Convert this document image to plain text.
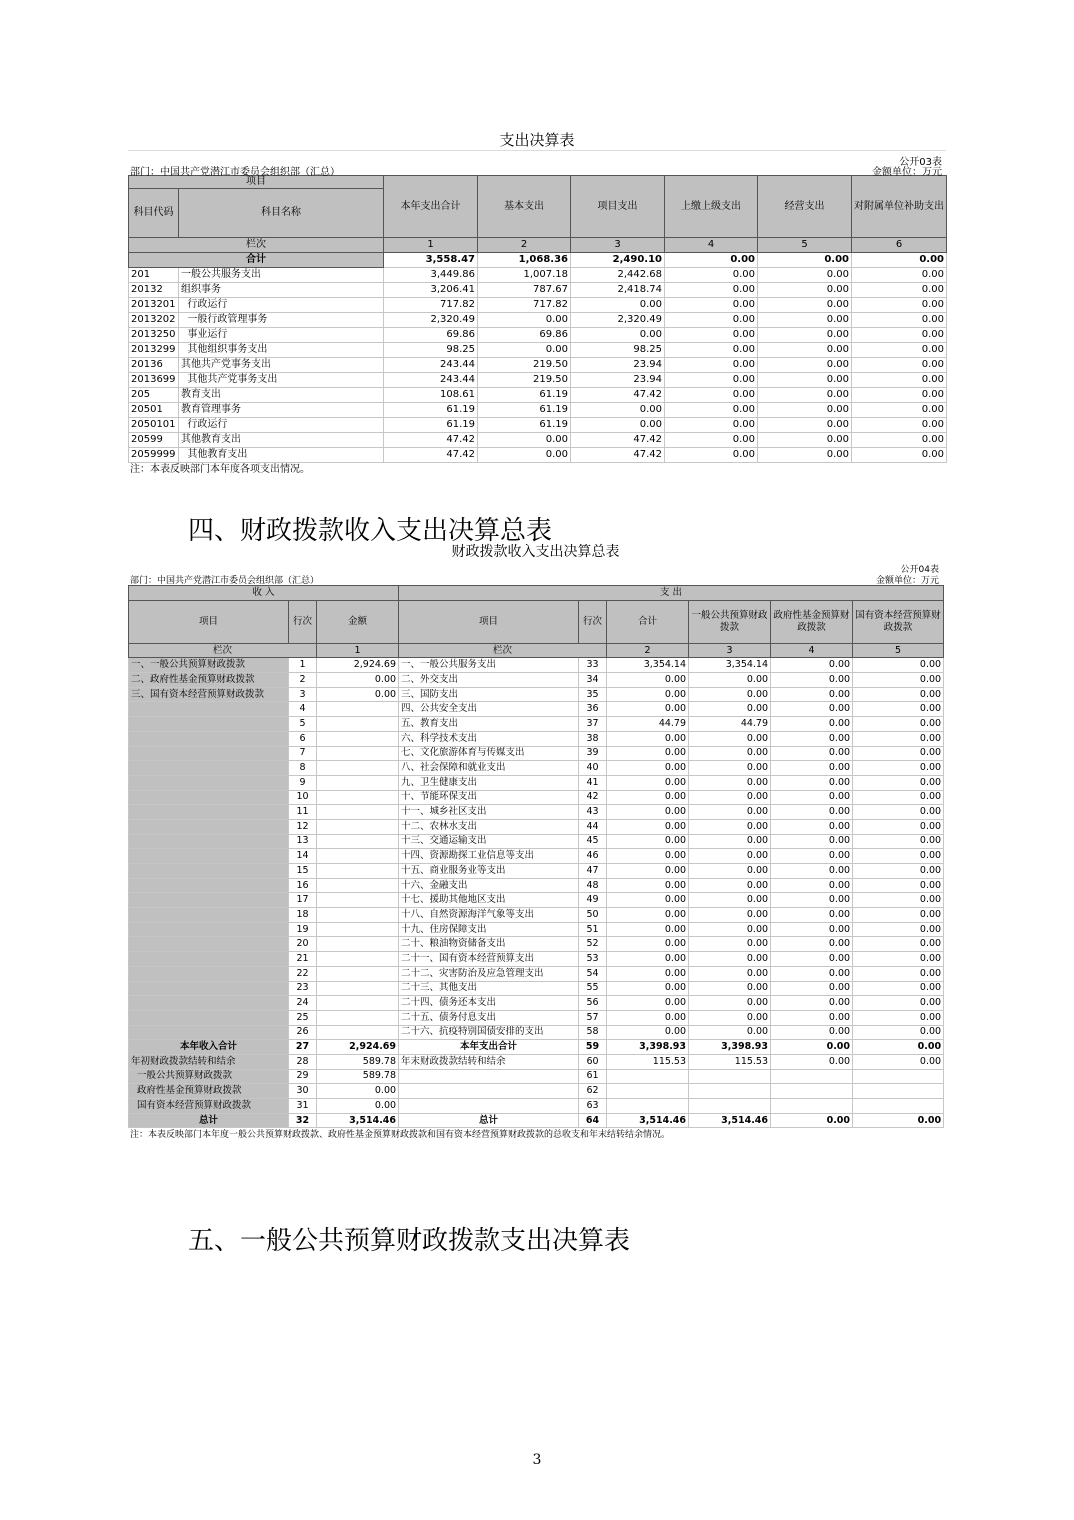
支出决算表
公开03表
部门：中国共产党潜江市委员会组织部（汇总）	金额单位：万元
项目		本年支出合计	基本支出	项目支出	上缴上级支出	经营支出	对附属单位补助支出
科目代码	科目名称						
栏次		1	2	3	4	5	6
合计		3,558.47	1,068.36	2,490.10	0.00	0.00	0.00
201	一般公共服务支出	3,449.86	1,007.18	2,442.68	0.00	0.00	0.00
20132	组织事务	3,206.41	787.67	2,418.74	0.00	0.00	0.00
2013201	行政运行	717.82	717.82	0.00	0.00	0.00	0.00
2013202	一般行政管理事务	2,320.49	0.00	2,320.49	0.00	0.00	0.00
2013250	事业运行	69.86	69.86	0.00	0.00	0.00	0.00
2013299	其他组织事务支出	98.25	0.00	98.25	0.00	0.00	0.00
20136	其他共产党事务支出	243.44	219.50	23.94	0.00	0.00	0.00
2013699	其他共产党事务支出	243.44	219.50	23.94	0.00	0.00	0.00
205	教育支出	108.61	61.19	47.42	0.00	0.00	0.00
20501	教育管理事务	61.19	61.19	0.00	0.00	0.00	0.00
2050101	行政运行	61.19	61.19	0.00	0.00	0.00	0.00
20599	其他教育支出	47.42	0.00	47.42	0.00	0.00	0.00
2059999	其他教育支出	47.42	0.00	47.42	0.00	0.00	0.00
注：本表反映部门本年度各项支出情况。
四、财政拨款收入支出决算总表
财政拨款收入支出决算总表
公开04表
部门：中国共产党潜江市委员会组织部（汇总）	金额单位：万元
收 入			支 出					
项目	行次	金额	项目	行次	合计	一般公共预算财政拨款	政府性基金预算财政拨款	国有资本经营预算财政拨款
栏次		1	栏次		2	3	4	5
一、一般公共预算财政拨款	1	2,924.69	一、一般公共服务支出	33	3,354.14	3,354.14	0.00	0.00
二、政府性基金预算财政拨款	2	0.00	二、外交支出	34	0.00	0.00	0.00	0.00
三、国有资本经营预算财政拨款	3	0.00	三、国防支出	35	0.00	0.00	0.00	0.00
	4		四、公共安全支出	36	0.00	0.00	0.00	0.00
	5		五、教育支出	37	44.79	44.79	0.00	0.00
	6		六、科学技术支出	38	0.00	0.00	0.00	0.00
	7		七、文化旅游体育与传媒支出	39	0.00	0.00	0.00	0.00
	8		八、社会保障和就业支出	40	0.00	0.00	0.00	0.00
	9		九、卫生健康支出	41	0.00	0.00	0.00	0.00
	10		十、节能环保支出	42	0.00	0.00	0.00	0.00
	11		十一、城乡社区支出	43	0.00	0.00	0.00	0.00
	12		十二、农林水支出	44	0.00	0.00	0.00	0.00
	13		十三、交通运输支出	45	0.00	0.00	0.00	0.00
	14		十四、资源勘探工业信息等支出	46	0.00	0.00	0.00	0.00
	15		十五、商业服务业等支出	47	0.00	0.00	0.00	0.00
	16		十六、金融支出	48	0.00	0.00	0.00	0.00
	17		十七、援助其他地区支出	49	0.00	0.00	0.00	0.00
	18		十八、自然资源海洋气象等支出	50	0.00	0.00	0.00	0.00
	19		十九、住房保障支出	51	0.00	0.00	0.00	0.00
	20		二十、粮油物资储备支出	52	0.00	0.00	0.00	0.00
	21		二十一、国有资本经营预算支出	53	0.00	0.00	0.00	0.00
	22		二十二、灾害防治及应急管理支出	54	0.00	0.00	0.00	0.00
	23		二十三、其他支出	55	0.00	0.00	0.00	0.00
	24		二十四、债务还本支出	56	0.00	0.00	0.00	0.00
	25		二十五、债务付息支出	57	0.00	0.00	0.00	0.00
	26		二十六、抗疫特别国债安排的支出	58	0.00	0.00	0.00	0.00
本年收入合计	27	2,924.69	本年支出合计	59	3,398.93	3,398.93	0.00	0.00
年初财政拨款结转和结余	28	589.78	年末财政拨款结转和结余	60	115.53	115.53	0.00	0.00
一般公共预算财政拨款	29	589.78		61				
政府性基金预算财政拨款	30	0.00		62				
国有资本经营预算财政拨款	31	0.00		63				
总计	32	3,514.46	总计	64	3,514.46	3,514.46	0.00	0.00
注：本表反映部门本年度一般公共预算财政拨款、政府性基金预算财政拨款和国有资本经营预算财政拨款的总收支和年末结转结余情况。
五、一般公共预算财政拨款支出决算表
3
